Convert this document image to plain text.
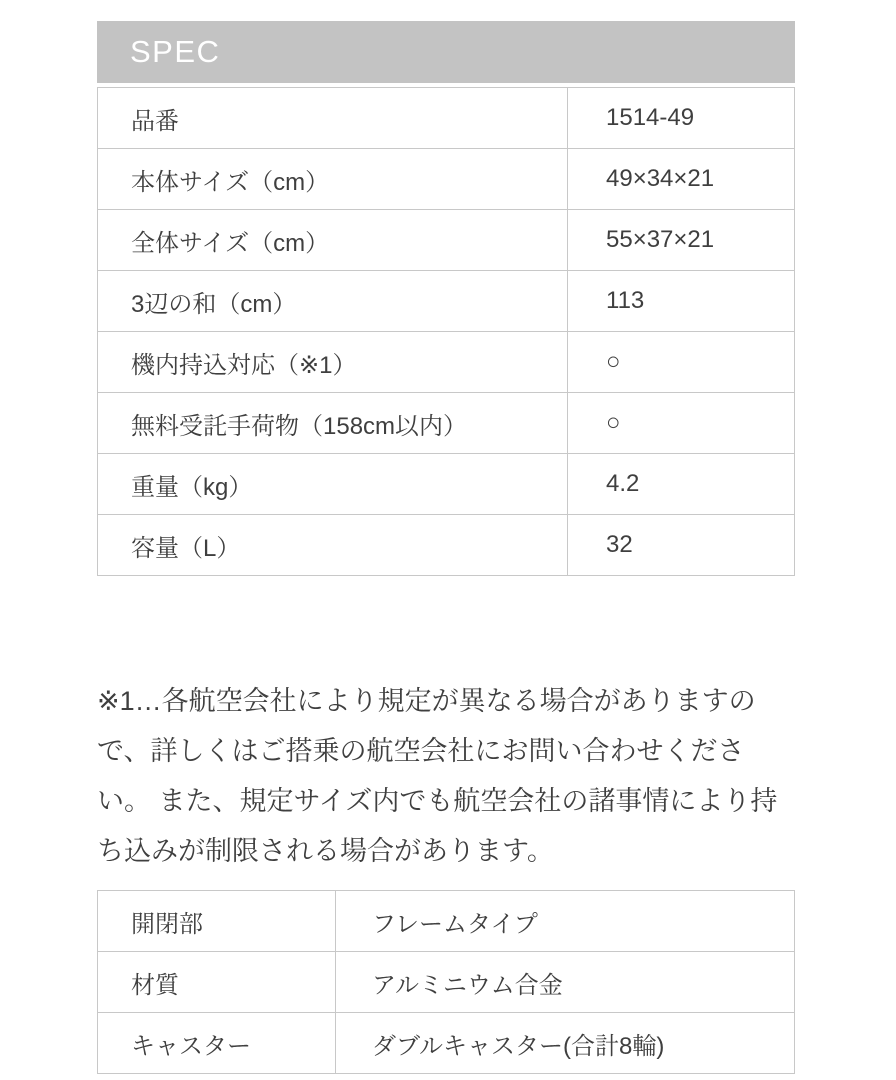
SPEC
品番	1514-49
本体サイズ（cm）	49×34×21
全体サイズ（cm）	55×37×21
3辺の和（cm）	113
機内持込対応（※1）	○
無料受託手荷物（158cm以内）	○
重量（kg）	4.2
容量（L）	32

※1…各航空会社により規定が異なる場合がありますの
で、詳しくはご搭乗の航空会社にお問い合わせくださ
い。 また、規定サイズ内でも航空会社の諸事情により持
ち込みが制限される場合があります。

開閉部	フレームタイプ
材質	アルミニウム合金
キャスター	ダブルキャスター(合計8輪)
